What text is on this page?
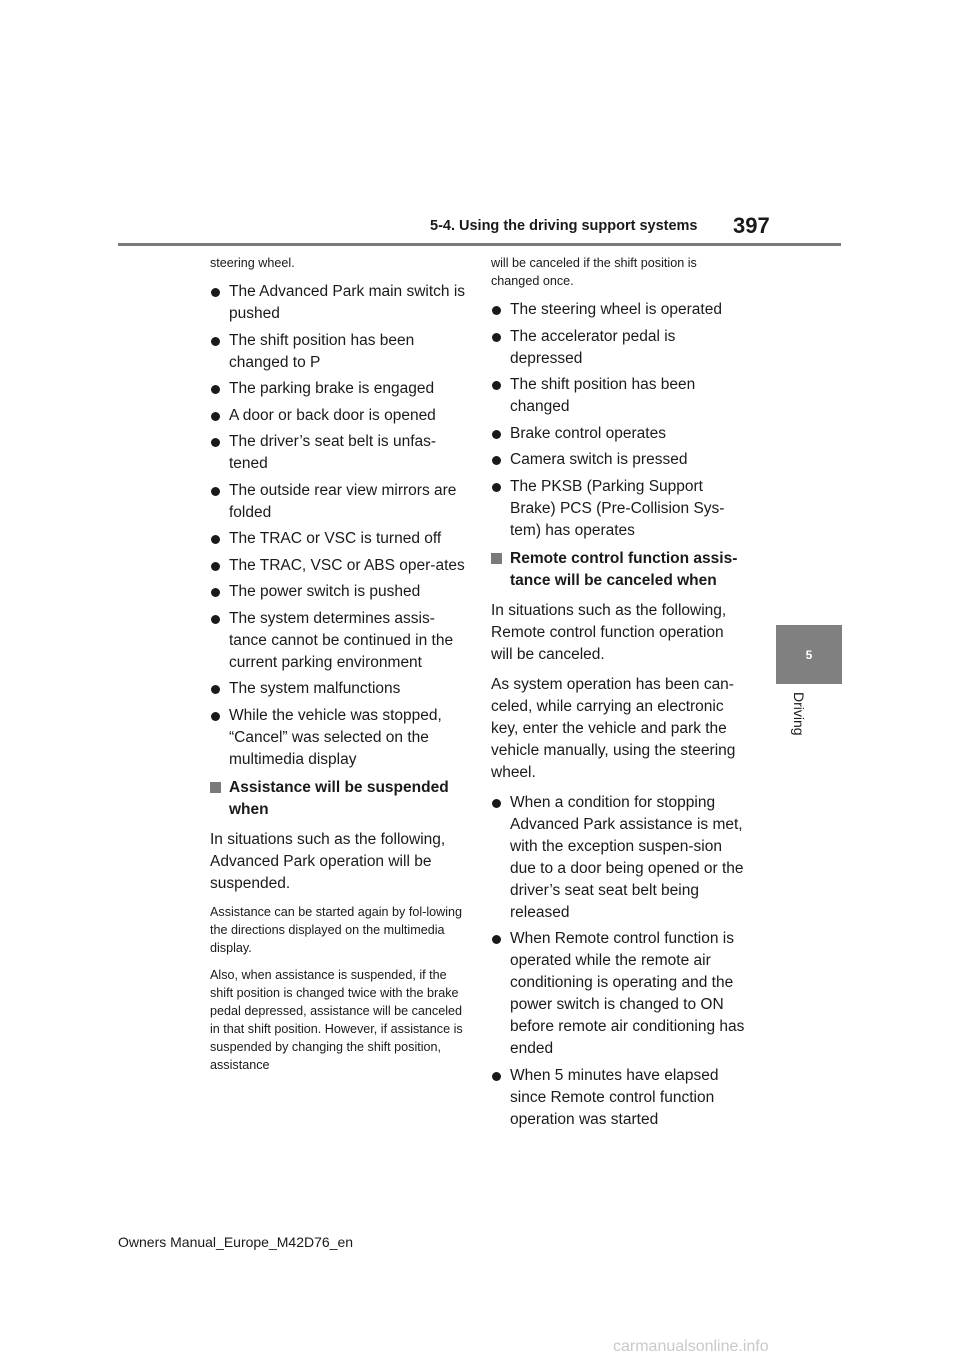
5-4. Using the driving support systems 397
5
Driving

steering wheel.

The Advanced Park main switch is pushed
The shift position has been changed to P
The parking brake is engaged
A door or back door is opened
The driver’s seat belt is unfas-tened
The outside rear view mirrors are folded
The TRAC or VSC is turned off
The TRAC, VSC or ABS oper-ates
The power switch is pushed
The system determines assis-tance cannot be continued in the current parking environment
The system malfunctions
While the vehicle was stopped, “Cancel” was selected on the multimedia display
Assistance will be suspended when

In situations such as the following, Advanced Park operation will be suspended.

Assistance can be started again by fol-lowing the directions displayed on the multimedia display.

Also, when assistance is suspended, if the shift position is changed twice with the brake pedal depressed, assistance will be canceled in that shift position. However, if assistance is suspended by changing the shift position, assistance

will be canceled if the shift position is changed once.

The steering wheel is operated
The accelerator pedal is depressed
The shift position has been changed
Brake control operates
Camera switch is pressed
The PKSB (Parking Support Brake) PCS (Pre-Collision Sys-tem) has operates
Remote control function assis-tance will be canceled when

In situations such as the following, Remote control function operation will be canceled.

As system operation has been can-celed, while carrying an electronic key, enter the vehicle and park the vehicle manually, using the steering wheel.

When a condition for stopping Advanced Park assistance is met, with the exception suspen-sion due to a door being opened or the driver’s seat seat belt being released
When Remote control function is operated while the remote air conditioning is operating and the power switch is changed to ON before remote air conditioning has ended
When 5 minutes have elapsed since Remote control function operation was started
Owners Manual_Europe_M42D76_en
carmanualsonline.info
